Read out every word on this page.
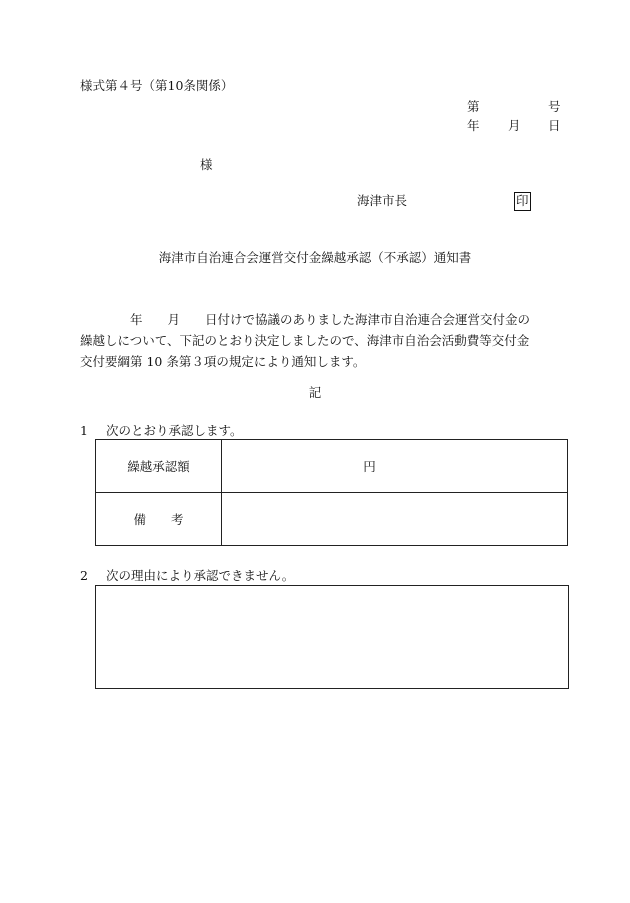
様式第４号（第10条関係）
第	号
年 月 日
様
海津市長	印
海津市自治連合会運営交付金繰越承認（不承認）通知書
　　　　年　　月　　日付けで協議のありました海津市自治連合会運営交付金の
繰越しについて、下記のとおり決定しましたので、海津市自治会活動費等交付金
交付要綱第 10 条第３項の規定により通知します。
記
1 次のとおり承認します。
繰越承認額	円
備　　考	
2 次の理由により承認できません。
